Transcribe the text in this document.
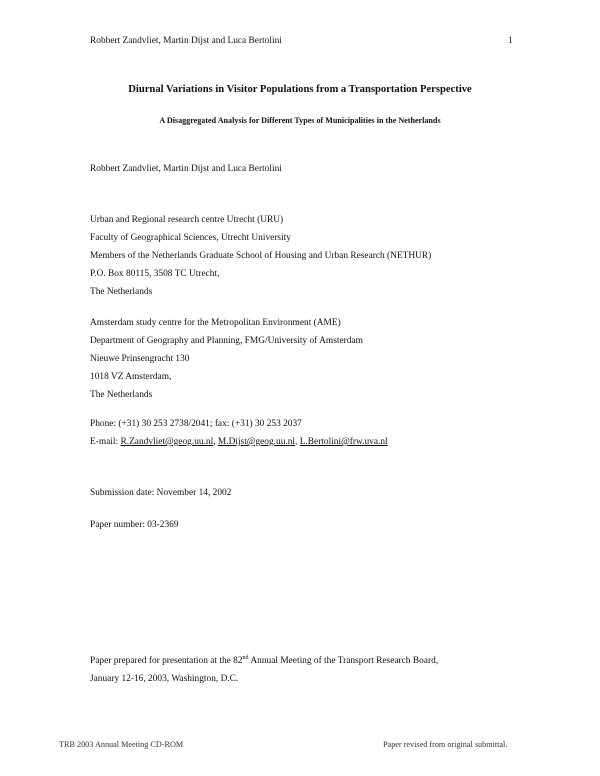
Robbert Zandvliet, Martin Dijst and Luca Bertolini	1
Diurnal Variations in Visitor Populations from a Transportation Perspective
A Disaggregated Analysis for Different Types of Municipalities in the Netherlands
Robbert Zandvliet, Martin Dijst and Luca Bertolini
Urban and Regional research centre Utrecht (URU)
Faculty of Geographical Sciences, Utrecht University
Members of the Netherlands Graduate School of Housing and Urban Research (NETHUR)
P.O. Box 80115, 3508 TC Utrecht,
The Netherlands
Amsterdam study centre for the Metropolitan Environment (AME)
Department of Geography and Planning, FMG/University of Amsterdam
Nieuwe Prinsengracht 130
1018 VZ Amsterdam,
The Netherlands
Phone: (+31) 30 253 2738/2041; fax: (+31) 30 253 2037
E-mail: R.Zandvliet@geog.uu.nl, M.Dijst@geog.uu.nl, L.Bertolini@frw.uva.nl
Submission date: November 14, 2002
Paper number: 03-2369
Paper prepared for presentation at the 82nd Annual Meeting of the Transport Research Board,
January 12-16, 2003, Washington, D.C.
TRB 2003 Annual Meeting CD-ROM	Paper revised from original submittal.
